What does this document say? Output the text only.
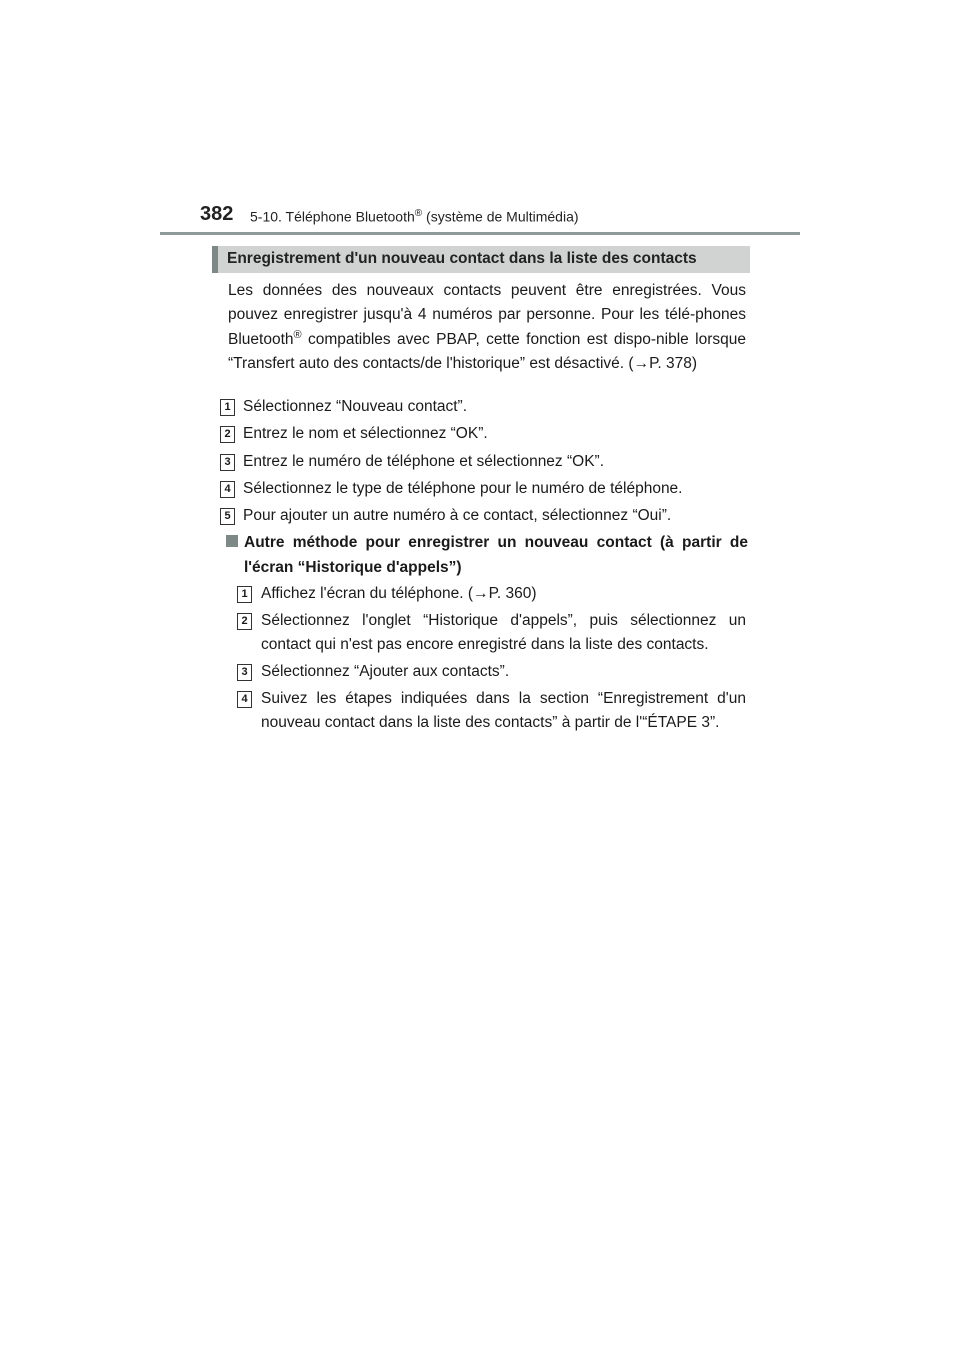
382 5-10. Téléphone Bluetooth® (système de Multimédia)
Enregistrement d'un nouveau contact dans la liste des contacts

Les données des nouveaux contacts peuvent être enregistrées. Vous pouvez enregistrer jusqu'à 4 numéros par personne. Pour les télé-phones Bluetooth® compatibles avec PBAP, cette fonction est dispo-nible lorsque “Transfert auto des contacts/de l'historique” est désactivé. (→P. 378)

1 Sélectionnez “Nouveau contact”.
2 Entrez le nom et sélectionnez “OK”.
3 Entrez le numéro de téléphone et sélectionnez “OK”.
4 Sélectionnez le type de téléphone pour le numéro de téléphone.
5 Pour ajouter un autre numéro à ce contact, sélectionnez “Oui”.
Autre méthode pour enregistrer un nouveau contact (à partir de l'écran “Historique d'appels”)
1 Affichez l'écran du téléphone. (→P. 360)
2 Sélectionnez l'onglet “Historique d'appels”, puis sélectionnez un contact qui n'est pas encore enregistré dans la liste des contacts.
3 Sélectionnez “Ajouter aux contacts”.
4 Suivez les étapes indiquées dans la section “Enregistrement d'un nouveau contact dans la liste des contacts” à partir de l'“ÉTAPE 3”.
